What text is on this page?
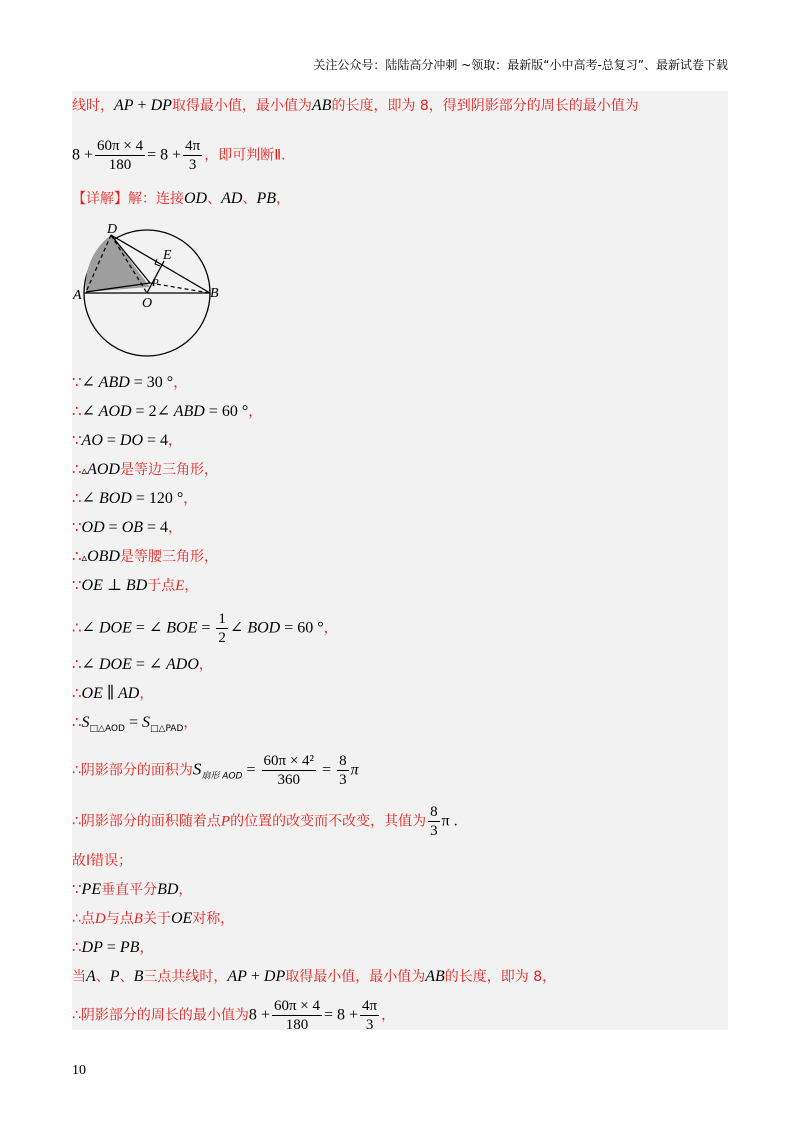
关注公众号：陆陆高分冲刺 ~领取：最新版“小中高考-总复习”、最新试卷下载
线时，AP + DP取得最小值，最小值为AB的长度，即为 8，得到阴影部分的周长的最小值为
$8 + \frac{60\pi \times 4}{180} = 8 + \frac{4\pi}{3}$ ，即可判断Ⅱ.
【详解】解：连接OD、AD、PB，
D
E
A
O
P
B
∵∠ ABD = 30 °，
∴∠ AOD = 2∠ ABD = 60 °，
∵AO = DO = 4，
∴▵AOD是等边三角形，
∴∠ BOD = 120 °，
∵OD = OB = 4，
∴▵OBD是等腰三角形，
∵OE ⊥ BD于点E，
∴∠ DOE = ∠ BOE = $\frac{1}{2}$ ∠ BOD = 60 °，
∴∠ DOE = ∠ ADO，
∴OE ∥ AD，
$\therefore S_{□\triangle AOD} = S_{□\triangle PAD}$，
∴阴影部分的面积为$S_{扇形 AOD} = \frac{\text{60π × 4²}}{360} = \frac{8}{3}$ π
∴阴影部分的面积随着点P的位置的改变而不改变，其值为 $\frac{8}{3}$ π .
故Ⅰ错误；
∵PE垂直平分BD，
∴点D与点B关于OE对称，
∴DP = PB，
当A、P、B三点共线时，AP + DP取得最小值，最小值为AB的长度，即为 8，
∴阴影部分的周长的最小值为$8 + \frac{60\pi \times 4}{180} = 8 + \frac{4\pi}{3}$ ，
10
